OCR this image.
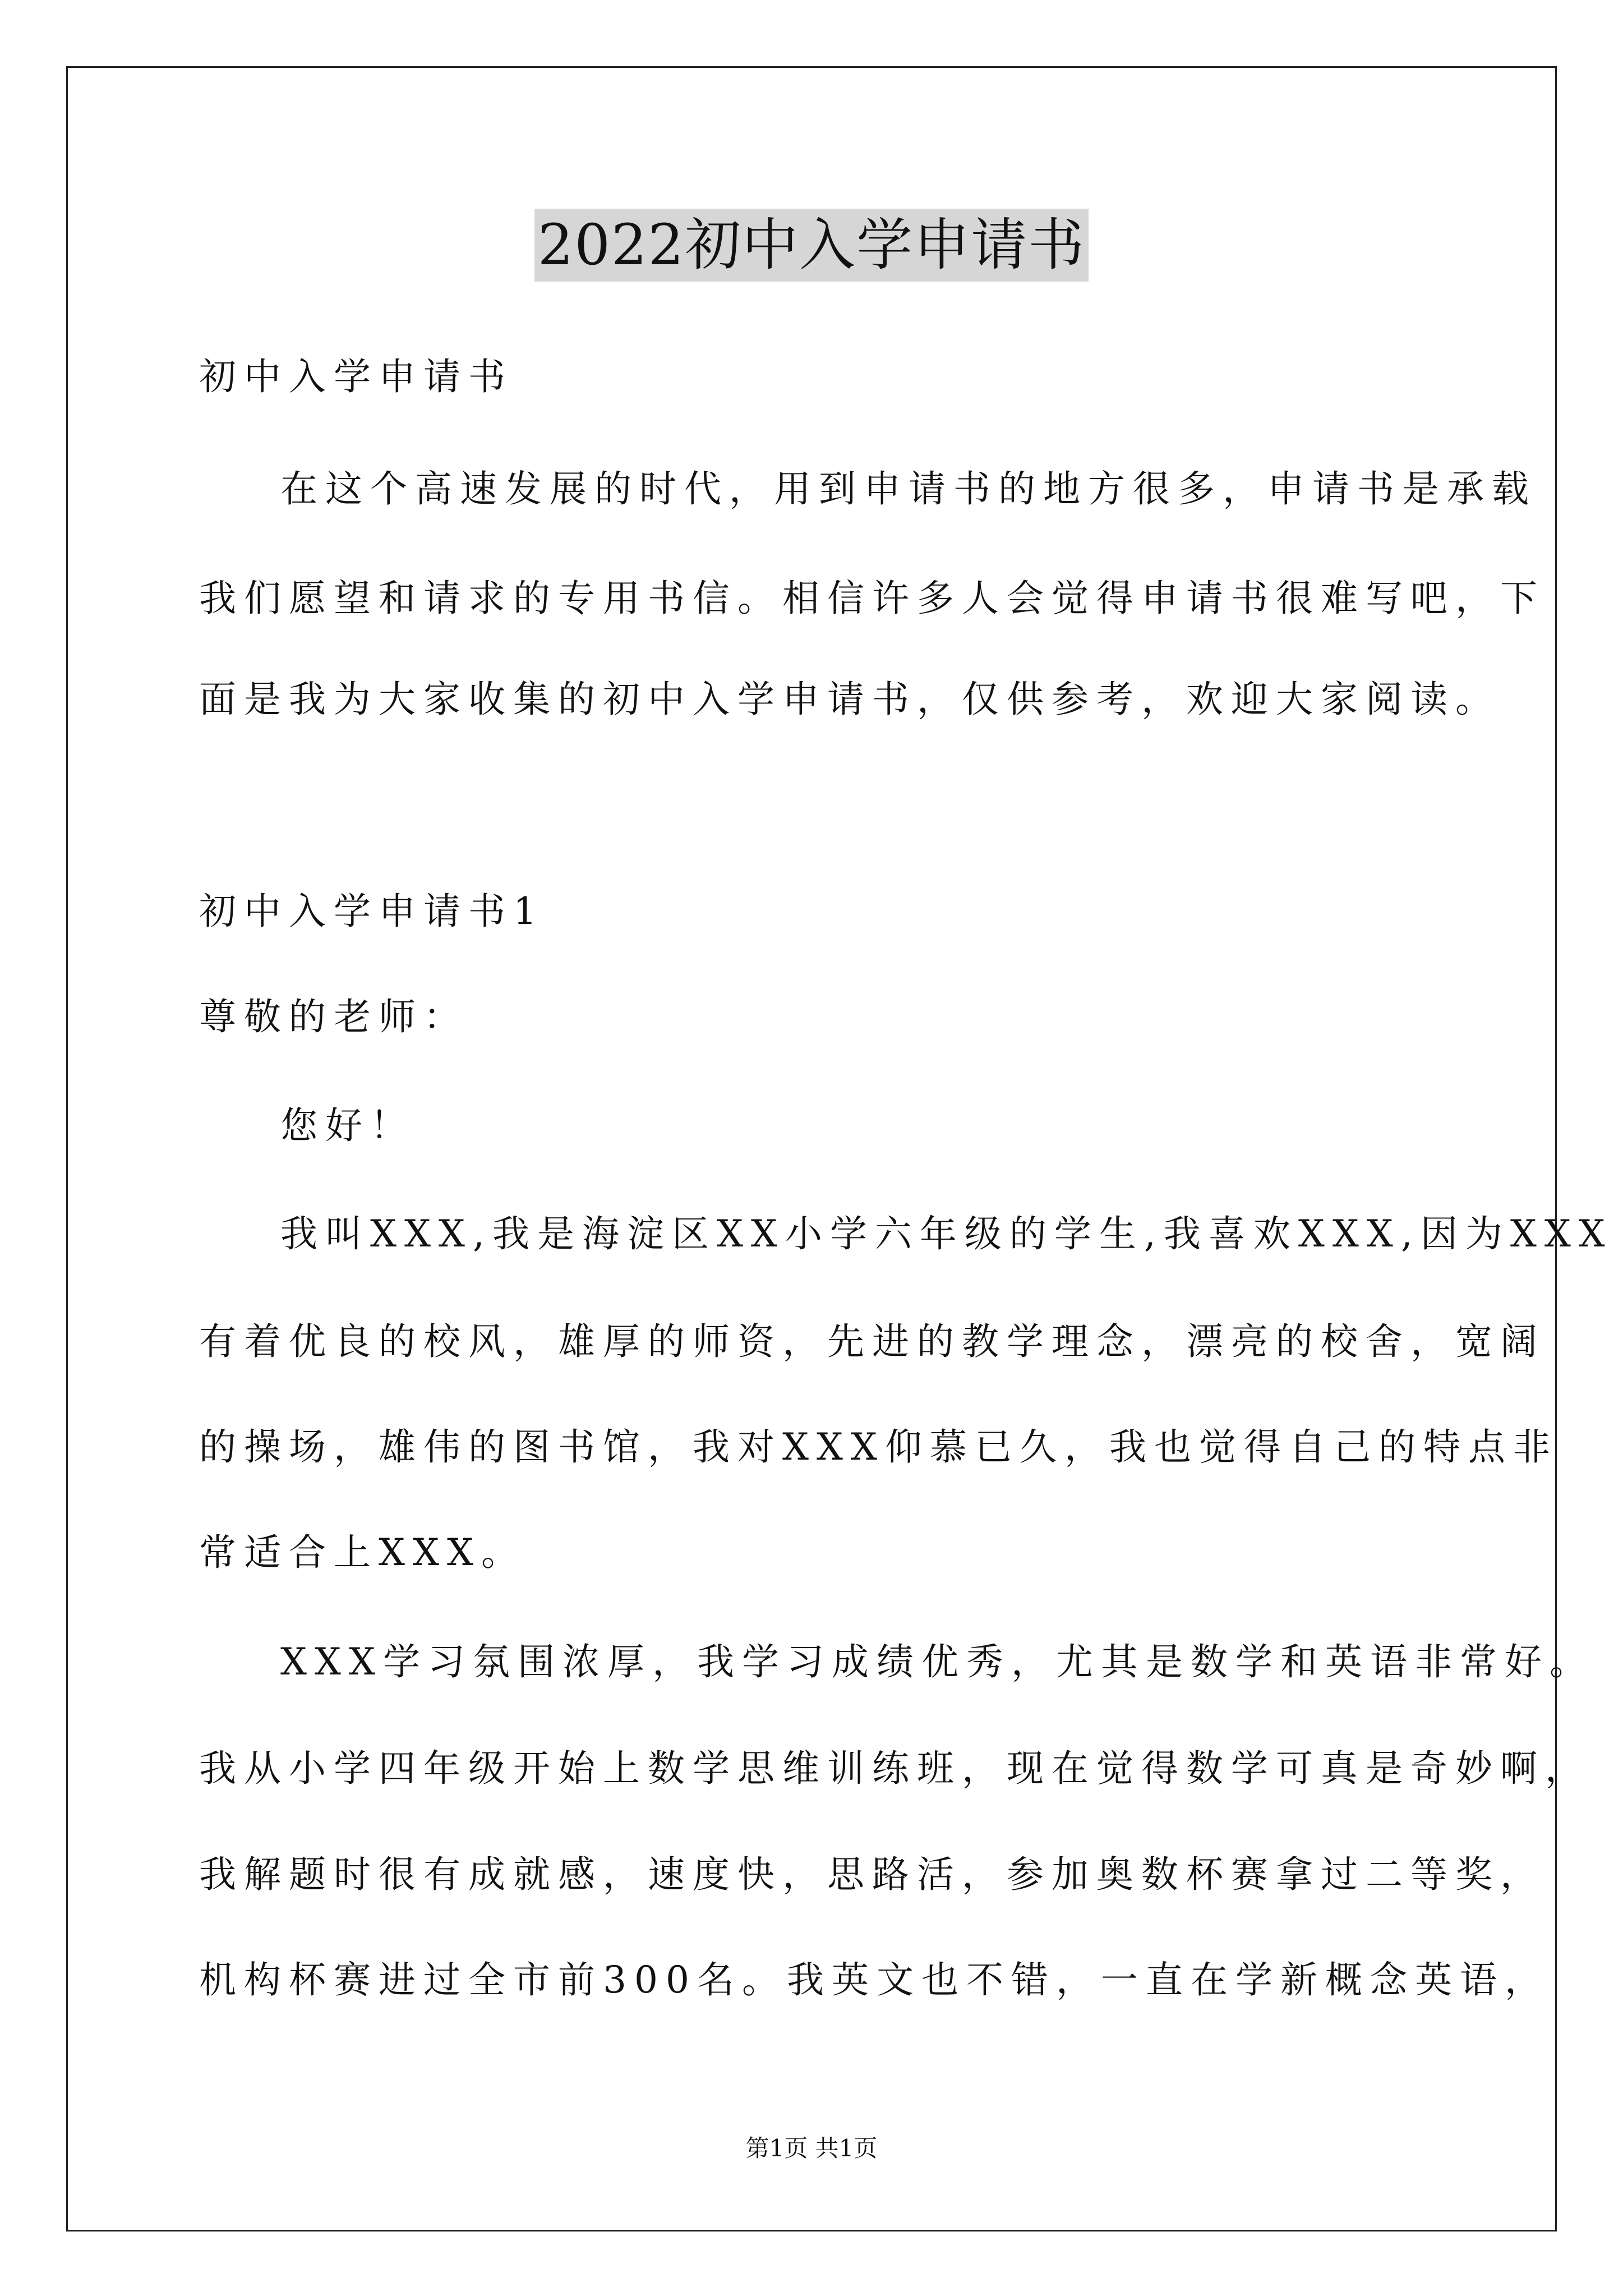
2022初中入学申请书
初中入学申请书
在这个高速发展的时代，用到申请书的地方很多，申请书是承载
我们愿望和请求的专用书信。相信许多人会觉得申请书很难写吧，下
面是我为大家收集的初中入学申请书，仅供参考，欢迎大家阅读。
初中入学申请书1
尊敬的老师：
您好！
我叫XXX,我是海淀区XX小学六年级的学生,我喜欢XXX,因为XXX
有着优良的校风，雄厚的师资，先进的教学理念，漂亮的校舍，宽阔
的操场，雄伟的图书馆，我对XXX仰慕已久，我也觉得自己的特点非
常适合上XXX。
XXX学习氛围浓厚，我学习成绩优秀，尤其是数学和英语非常好。
我从小学四年级开始上数学思维训练班，现在觉得数学可真是奇妙啊，
我解题时很有成就感，速度快，思路活，参加奥数杯赛拿过二等奖，
机构杯赛进过全市前300名。我英文也不错，一直在学新概念英语，
第1页 共1页
